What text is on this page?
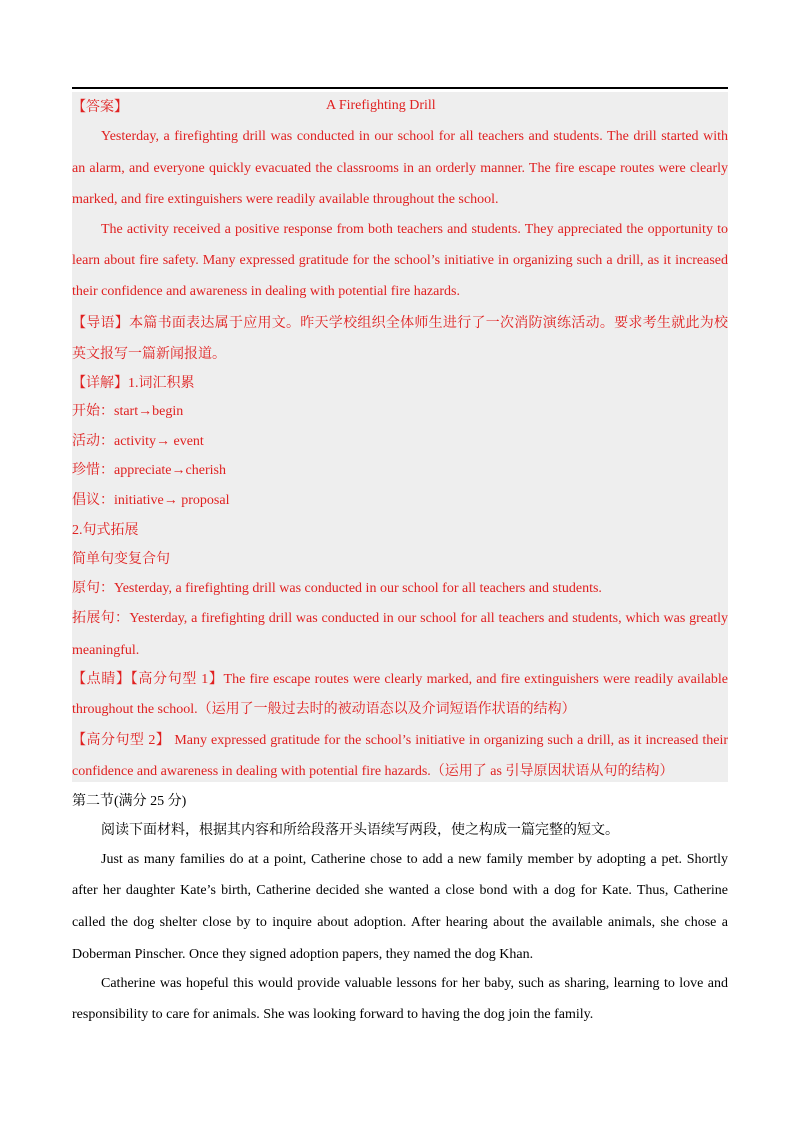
【答案】	A Firefighting Drill
Yesterday, a firefighting drill was conducted in our school for all teachers and students. The drill started with
an alarm, and everyone quickly evacuated the classrooms in an orderly manner. The fire escape routes were clearly
marked, and fire extinguishers were readily available throughout the school.
The activity received a positive response from both teachers and students. They appreciated the opportunity to
learn about fire safety. Many expressed gratitude for the school’s initiative in organizing such a drill, as it increased
their confidence and awareness in dealing with potential fire hazards.
【导语】本篇书面表达属于应用文。昨天学校组织全体师生进行了一次消防演练活动。要求考生就此为校
英文报写一篇新闻报道。
【详解】1.词汇积累
开始：start→begin
活动：activity→ event
珍惜：appreciate→cherish
倡议：initiative→ proposal
2.句式拓展
简单句变复合句
原句：Yesterday, a firefighting drill was conducted in our school for all teachers and students.
拓展句：Yesterday, a firefighting drill was conducted in our school for all teachers and students, which was greatly
meaningful.
【点睛】【高分句型 1】The fire escape routes were clearly marked, and fire extinguishers were readily available
throughout the school.（运用了一般过去时的被动语态以及介词短语作状语的结构）
【高分句型 2】 Many expressed gratitude for the school’s initiative in organizing such a drill, as it increased their
confidence and awareness in dealing with potential fire hazards.（运用了 as 引导原因状语从句的结构）
第二节(满分 25 分)
阅读下面材料，根据其内容和所给段落开头语续写两段，使之构成一篇完整的短文。
Just as many families do at a point, Catherine chose to add a new family member by adopting a pet. Shortly
after her daughter Kate’s birth, Catherine decided she wanted a close bond with a dog for Kate. Thus, Catherine
called the dog shelter close by to inquire about adoption. After hearing about the available animals, she chose a
Doberman Pinscher. Once they signed adoption papers, they named the dog Khan.
Catherine was hopeful this would provide valuable lessons for her baby, such as sharing, learning to love and
responsibility to care for animals. She was looking forward to having the dog join the family.
